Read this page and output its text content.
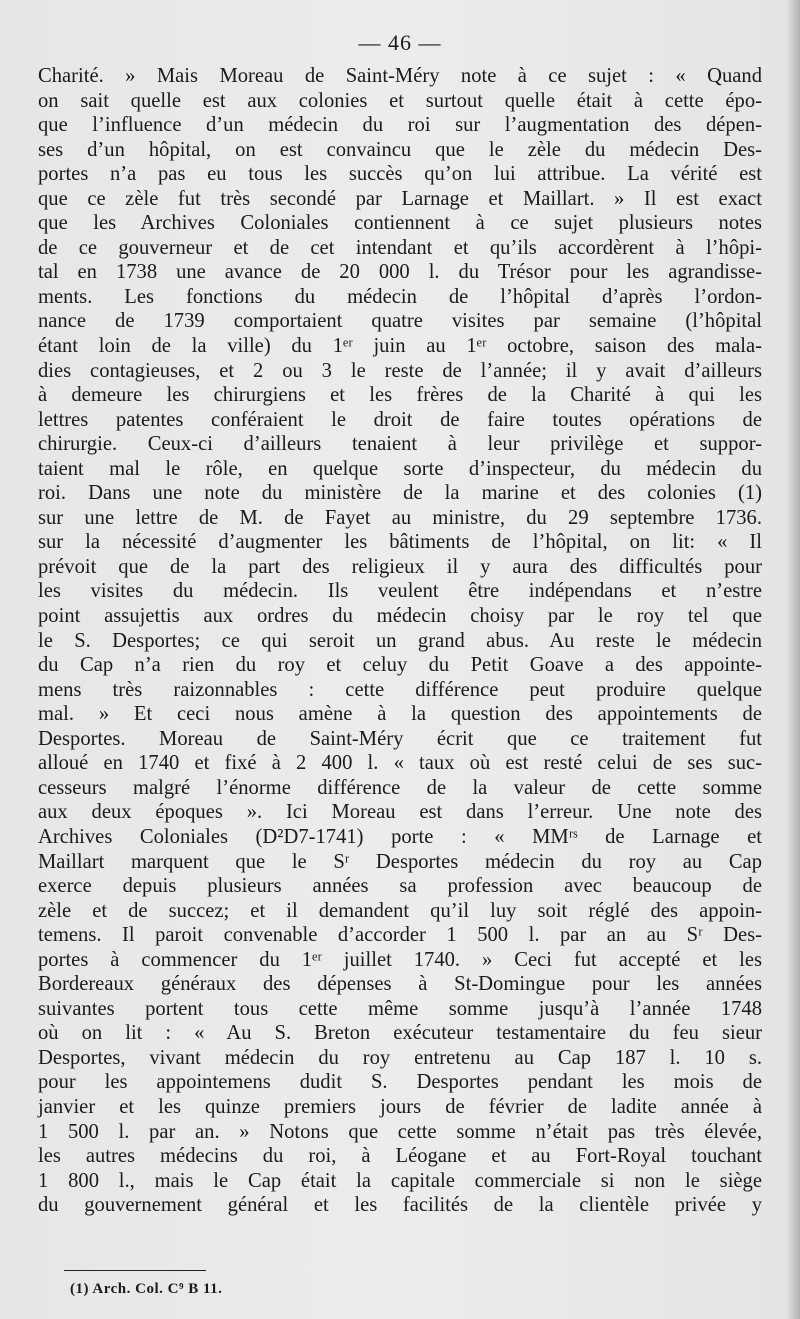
— 46 —
Charité. » Mais Moreau de Saint-Méry note à ce sujet : « Quand
on sait quelle est aux colonies et surtout quelle était à cette épo-
que l’influence d’un médecin du roi sur l’augmentation des dépen-
ses d’un hôpital, on est convaincu que le zèle du médecin Des-
portes n’a pas eu tous les succès qu’on lui attribue. La vérité est
que ce zèle fut très secondé par Larnage et Maillart. » Il est exact
que les Archives Coloniales contiennent à ce sujet plusieurs notes
de ce gouverneur et de cet intendant et qu’ils accordèrent à l’hôpi-
tal en 1738 une avance de 20 000 l. du Trésor pour les agrandisse-
ments. Les fonctions du médecin de l’hôpital d’après l’ordon-
nance de 1739 comportaient quatre visites par semaine (l’hôpital
étant loin de la ville) du 1ᵉʳ juin au 1ᵉʳ octobre, saison des mala-
dies contagieuses, et 2 ou 3 le reste de l’année; il y avait d’ailleurs
à demeure les chirurgiens et les frères de la Charité à qui les
lettres patentes conféraient le droit de faire toutes opérations de
chirurgie. Ceux-ci d’ailleurs tenaient à leur privilège et suppor-
taient mal le rôle, en quelque sorte d’inspecteur, du médecin du
roi. Dans une note du ministère de la marine et des colonies (1)
sur une lettre de M. de Fayet au ministre, du 29 septembre 1736.
sur la nécessité d’augmenter les bâtiments de l’hôpital, on lit: « Il
prévoit que de la part des religieux il y aura des difficultés pour
les visites du médecin. Ils veulent être indépendans et n’estre
point assujettis aux ordres du médecin choisy par le roy tel que
le S. Desportes; ce qui seroit un grand abus. Au reste le médecin
du Cap n’a rien du roy et celuy du Petit Goave a des appointe-
mens très raizonnables : cette différence peut produire quelque
mal. » Et ceci nous amène à la question des appointements de
Desportes. Moreau de Saint-Méry écrit que ce traitement fut
alloué en 1740 et fixé à 2 400 l. « taux où est resté celui de ses suc-
cesseurs malgré l’énorme différence de la valeur de cette somme
aux deux époques ». Ici Moreau est dans l’erreur. Une note des
Archives Coloniales (D²D7-1741) porte : « MMʳˢ de Larnage et
Maillart marquent que le Sʳ Desportes médecin du roy au Cap
exerce depuis plusieurs années sa profession avec beaucoup de
zèle et de succez; et il demandent qu’il luy soit réglé des appoin-
temens. Il paroit convenable d’accorder 1 500 l. par an au Sʳ Des-
portes à commencer du 1ᵉʳ juillet 1740. » Ceci fut accepté et les
Bordereaux généraux des dépenses à St-Domingue pour les années
suivantes portent tous cette même somme jusqu’à l’année 1748
où on lit : « Au S. Breton exécuteur testamentaire du feu sieur
Desportes, vivant médecin du roy entretenu au Cap 187 l. 10 s.
pour les appointemens dudit S. Desportes pendant les mois de
janvier et les quinze premiers jours de février de ladite année à
1 500 l. par an. » Notons que cette somme n’était pas très élevée,
les autres médecins du roi, à Léogane et au Fort-Royal touchant
1 800 l., mais le Cap était la capitale commerciale si non le siège
du gouvernement général et les facilités de la clientèle privée y
(1) Arch. Col. C⁹ B 11.
